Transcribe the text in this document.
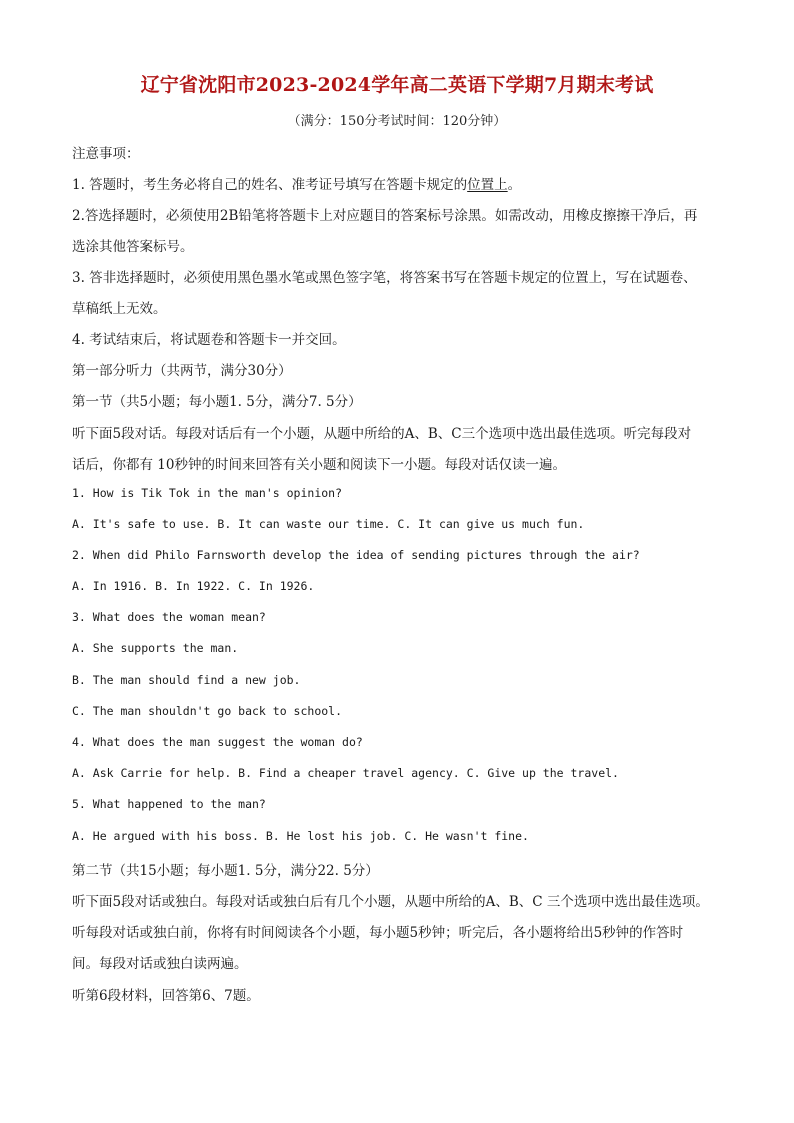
辽宁省沈阳市2023-2024学年高二英语下学期7月期末考试
（满分：150分考试时间：120分钟）
注意事项：
1. 答题时，考生务必将自己的姓名、准考证号填写在答题卡规定的位置上。
2.答选择题时，必须使用2B铅笔将答题卡上对应题目的答案标号涂黑。如需改动，用橡皮擦擦干净后，再
选涂其他答案标号。
3. 答非选择题时，必须使用黑色墨水笔或黑色签字笔，将答案书写在答题卡规定的位置上，写在试题卷、
草稿纸上无效。
4. 考试结束后，将试题卷和答题卡一并交回。
第一部分听力（共两节，满分30分）
第一节（共5小题；每小题1. 5分，满分7. 5分）
听下面5段对话。每段对话后有一个小题，从题中所给的A、B、C三个选项中选出最佳选项。听完每段对
话后，你都有 10秒钟的时间来回答有关小题和阅读下一小题。每段对话仅读一遍。
1. How is Tik Tok in the man's opinion?
A. It's safe to use. B. It can waste our time. C. It can give us much fun.
2. When did Philo Farnsworth develop the idea of sending pictures through the air?
A. In 1916. B. In 1922. C. In 1926.
3. What does the woman mean?
A. She supports the man.
B. The man should find a new job.
C. The man shouldn't go back to school.
4. What does the man suggest the woman do?
A. Ask Carrie for help. B. Find a cheaper travel agency. C. Give up the travel.
5. What happened to the man?
A. He argued with his boss. B. He lost his job. C. He wasn't fine.
第二节（共15小题；每小题1. 5分，满分22. 5分）
听下面5段对话或独白。每段对话或独白后有几个小题，从题中所给的A、B、C 三个选项中选出最佳选项。
听每段对话或独白前，你将有时间阅读各个小题，每小题5秒钟；听完后，各小题将给出5秒钟的作答时
间。每段对话或独白读两遍。
听第6段材料，回答第6、7题。
